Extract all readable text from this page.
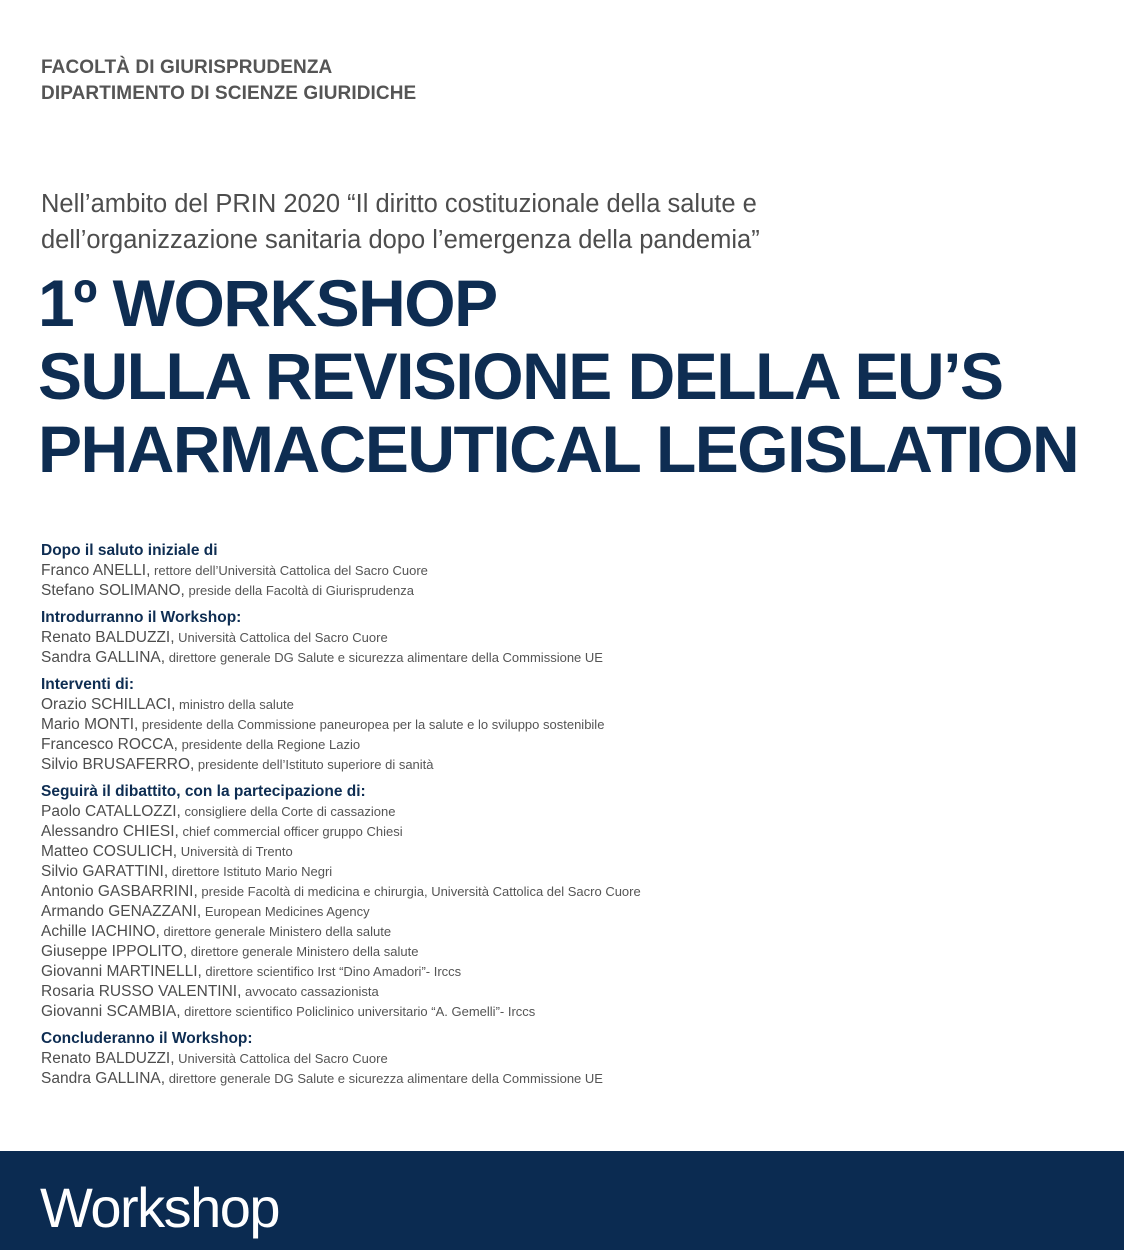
FACOLTÀ DI GIURISPRUDENZA
DIPARTIMENTO DI SCIENZE GIURIDICHE
Nell’ambito del PRIN 2020 “Il diritto costituzionale della salute e
dell’organizzazione sanitaria dopo l’emergenza della pandemia”
1º WORKSHOP
SULLA REVISIONE DELLA EU’S
PHARMACEUTICAL LEGISLATION
Dopo il saluto iniziale di
Franco ANELLI, rettore dell’Università Cattolica del Sacro Cuore
Stefano SOLIMANO, preside della Facoltà di Giurisprudenza
Introdurranno il Workshop:
Renato BALDUZZI, Università Cattolica del Sacro Cuore
Sandra GALLINA, direttore generale DG Salute e sicurezza alimentare della Commissione UE
Interventi di:
Orazio SCHILLACI, ministro della salute
Mario MONTI, presidente della Commissione paneuropea per la salute e lo sviluppo sostenibile
Francesco ROCCA, presidente della Regione Lazio
Silvio BRUSAFERRO, presidente dell’Istituto superiore di sanità
Seguirà il dibattito, con la partecipazione di:
Paolo CATALLOZZI, consigliere della Corte di cassazione
Alessandro CHIESI, chief commercial officer gruppo Chiesi
Matteo COSULICH, Università di Trento
Silvio GARATTINI, direttore Istituto Mario Negri
Antonio GASBARRINI, preside Facoltà di medicina e chirurgia, Università Cattolica del Sacro Cuore
Armando GENAZZANI, European Medicines Agency
Achille IACHINO, direttore generale Ministero della salute
Giuseppe IPPOLITO, direttore generale Ministero della salute
Giovanni MARTINELLI, direttore scientifico Irst “Dino Amadori”- Irccs
Rosaria RUSSO VALENTINI, avvocato cassazionista
Giovanni SCAMBIA, direttore scientifico Policlinico universitario “A. Gemelli”- Irccs
Concluderanno il Workshop:
Renato BALDUZZI, Università Cattolica del Sacro Cuore
Sandra GALLINA, direttore generale DG Salute e sicurezza alimentare della Commissione UE
Workshop
